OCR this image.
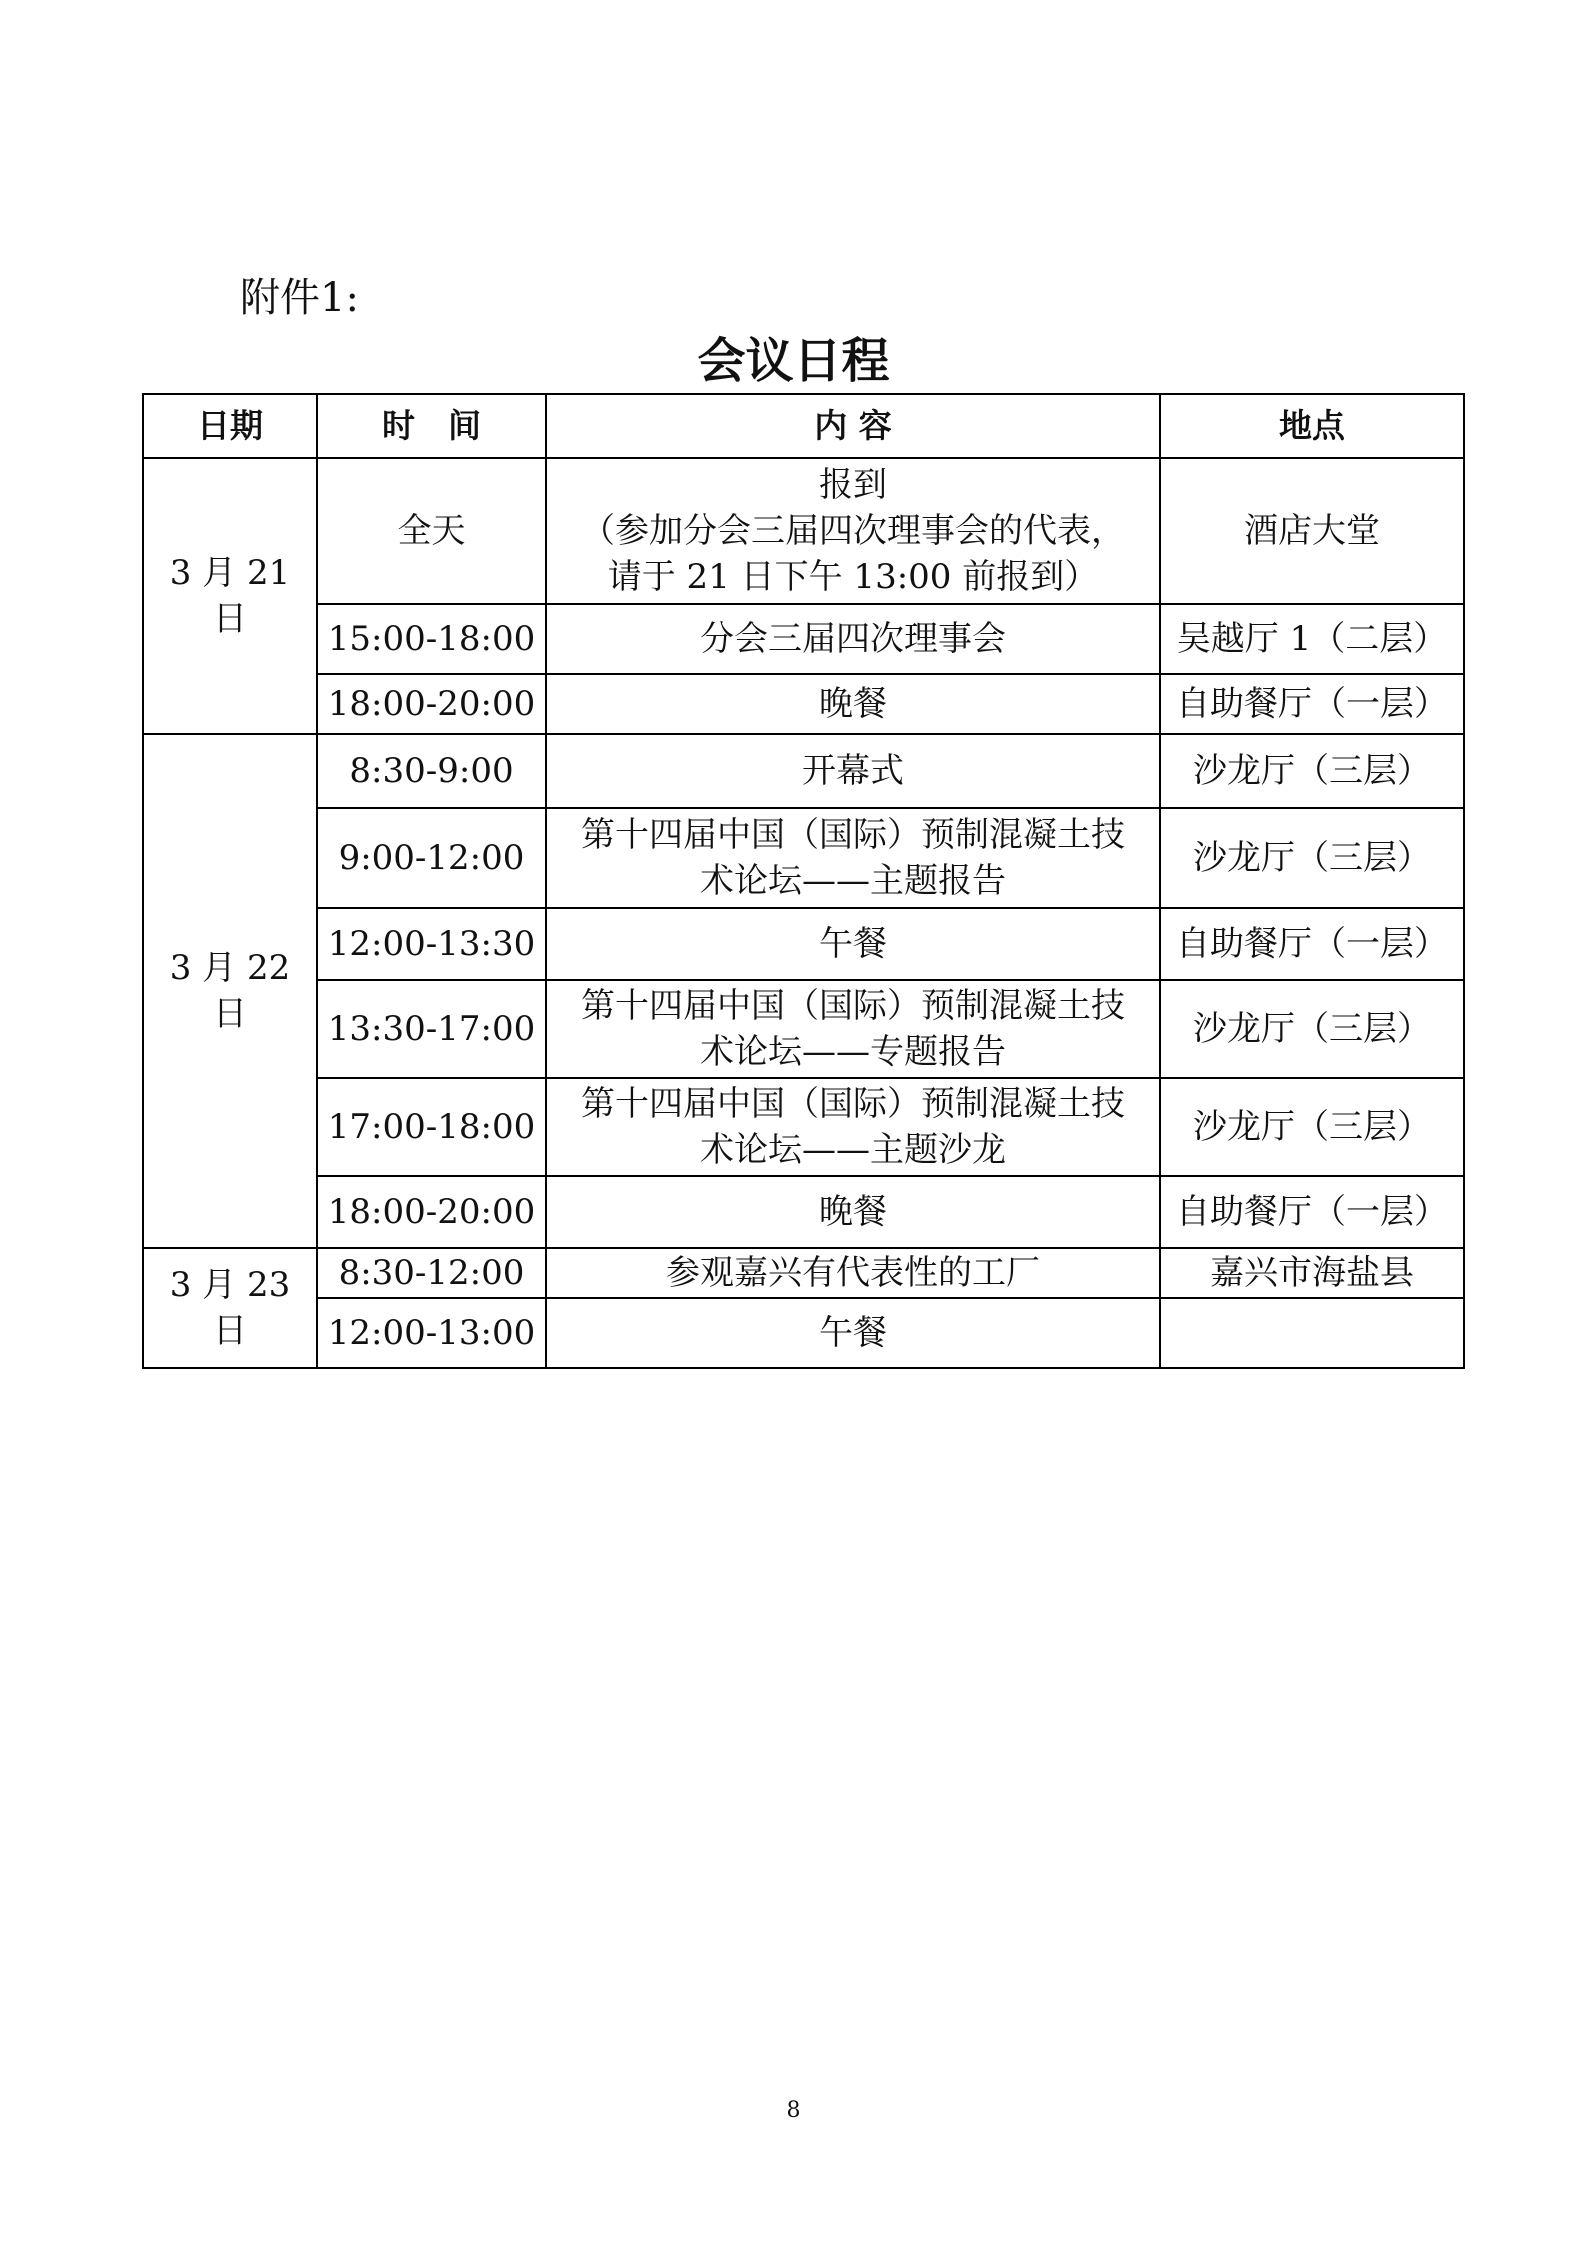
附件1:
会议日程
日期	时　间	内 容	地点
3 月 21 日	全天	报到
（参加分会三届四次理事会的代表，
请于 21 日下午 13:00 前报到）	酒店大堂
	15:00-18:00	分会三届四次理事会	吴越厅 1（二层）
	18:00-20:00	晚餐	自助餐厅（一层）
3 月 22 日	8:30-9:00	开幕式	沙龙厅（三层）
	9:00-12:00	第十四届中国（国际）预制混凝土技
术论坛——主题报告	沙龙厅（三层）
	12:00-13:30	午餐	自助餐厅（一层）
	13:30-17:00	第十四届中国（国际）预制混凝土技
术论坛——专题报告	沙龙厅（三层）
	17:00-18:00	第十四届中国（国际）预制混凝土技
术论坛——主题沙龙	沙龙厅（三层）
	18:00-20:00	晚餐	自助餐厅（一层）
3 月 23 日	8:30-12:00	参观嘉兴有代表性的工厂	嘉兴市海盐县
	12:00-13:00	午餐	
8
